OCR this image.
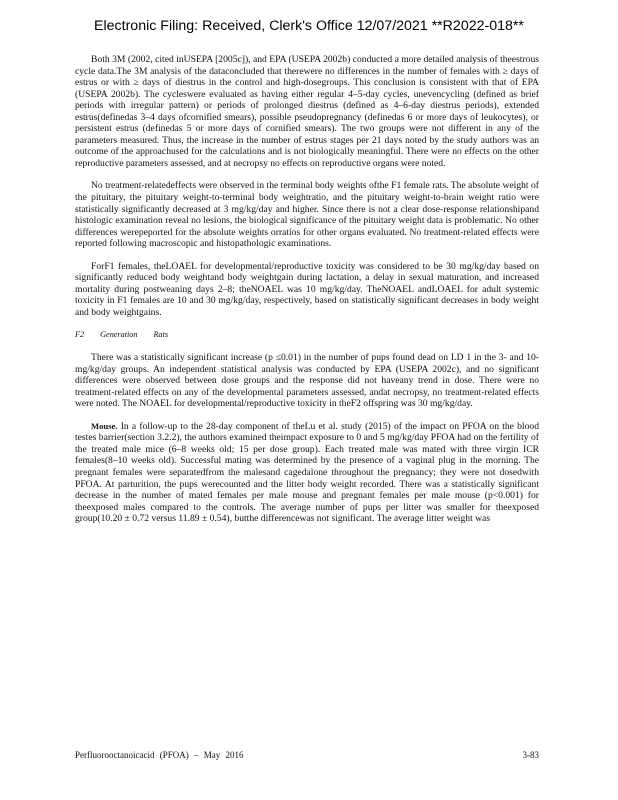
Electronic Filing: Received, Clerk's Office 12/07/2021 **R2022-018**

Both 3M (2002, cited inUSEPA [2005c]), and EPA (USEPA 2002b) conducted a more detailed analysis of theestrous cycle data.The 3M analysis of the dataconcluded that therewere no differences in the number of females with ≥ days of estrus or with ≥ days of diestrus in the control and high-dosegroups. This conclusion is consistent with that of EPA (USEPA 2002b). The cycleswere evaluated as having either regular 4–5-day cycles, unevencycling (defined as brief periods with irregular pattern) or periods of prolonged diestrus (defined as 4–6-day diestrus periods), extended estrus(definedas 3–4 days ofcornified smears), possible pseudopregnancy (definedas 6 or more days of leukocytes), or persistent estrus (definedas 5 or more days of cornified smears). The two groups were not different in any of the parameters measured. Thus, the increase in the number of estrus stages per 21 days noted by the study authors was an outcome of the approachused for the calculations and is not biologically meaningful. There were no effects on the other reproductive parameters assessed, and at necropsy no effects on reproductive organs were noted.

No treatment-relatedeffects were observed in the terminal body weights ofthe F1 female rats. The absolute weight of the pituitary, the pituitary weight-to-terminal body weightratio, and the pituitary weight-to-brain weight ratio were statistically significantly decreased at 3 mg/kg/day and higher. Since there is not a clear dose-response relationshipand histologic examination reveal no lesions, the biological significance of the pituitary weight data is problematic. No other differences wereреported for the absolute weights orratios for other organs evaluated. No treatment-related effects were reported following macroscopic and histopathologic examinations.

ForF1 females, theLOAEL for developmental/reproductive toxicity was considered to be 30 mg/kg/day based on significantly reduced body weightand body weightgain during lactation, a delay in sexual maturation, and increased mortality during postweaning days 2–8; theNOAEL was 10 mg/kg/day. TheNOAEL andLOAEL for adult systemic toxicity in F1 females are 10 and 30 mg/kg/day, respectively, based on statistically significant decreases in body weight and body weightgains.

F2 Generation Rats

There was a statistically significant increase (p ≤0.01) in the number of pups found dead on LD 1 in the 3- and 10-mg/kg/day groups. An independent statistical analysis was conducted by EPA (USEPA 2002c), and no significant differences were observed between dose groups and the response did not haveany trend in dose. There were no treatment-related effects on any of the developmental parameters assessed, andat necropsy, no treatment-related effects were noted. The NOAEL for developmental/reproductive toxicity in theF2 offspring was 30 mg/kg/day.

Mouse. In a follow-up to the 28-day component of theLu et al. study (2015) of the impact on PFOA on the blood testes barrier(section 3.2.2), the authors examined theimpact exposure to 0 and 5 mg/kg/day PFOA had on the fertility of the treated male mice (6–8 weeks old; 15 per dose group). Each treated male was mated with three virgin ICR females(8–10 weeks old). Successful mating was determined by the presence of a vaginal plug in the morning. The pregnant females were separatedfrom the malesand cagedalone throughout the pregnancy; they were not dosedwith PFOA. At parturition, the pups werecounted and the litter body weight recorded. There was a statistically significant decrease in the number of mated females per male mouse and pregnant females per male mouse (p<0.001) for theexposed males compared to the controls. The average number of pups per litter was smaller for theexposed group(10.20 ± 0.72 versus 11.89 ± 0.54), butthe differencewas not significant. The average litter weight was

Perfluorooctanoicacid (PFOA) – May 2016	3-83
